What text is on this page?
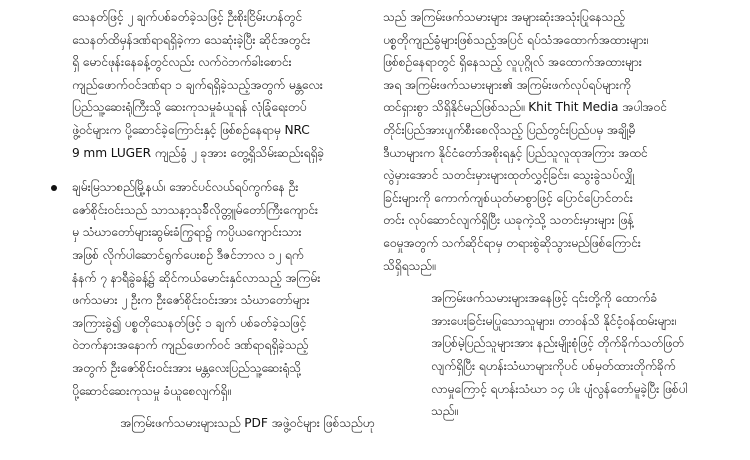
သေနတ်ဖြင့် ၂ ချက်ပစ်ခတ်ခဲ့သဖြင့် ဦးစိုးငြိမ်းဟန်တွင်
သေနတ်ထိမှန်ဒဏ်ရာရရှိခဲ့ကာ သေဆုံးခဲ့ပြီး ဆိုင်အတွင်း
ရှိ မောင်ဖုန်းနေခန့်တွင်လည်း လက်ဝဲဘက်ခါးစောင်း
ကျည်ဖောက်ဝင်ဒဏ်ရာ ၁ ချက်ရရှိခဲ့သည့်အတွက် မန္တလေး
ပြည်သူ့ဆေးရုံကြီးသို့ ဆေးကုသမှုခံယူရန် လုံခြုံရေးတပ်
ဖွဲ့ဝင်များက ပို့ဆောင်ခဲ့ကြောင်းနှင့် ဖြစ်စဉ်နေရာမှ NRC
9 mm LUGER ကျည်ခွံ ၂ ခုအား တွေ့ရှိသိမ်းဆည်းရရှိခဲ့
ချမ်းမြသာစည်မြို့နယ်၊ အောင်ပင်လယ်ရပ်ကွက်နေ ဦး
ဇော်စိုင်းဝင်းသည် သာသနာ့သုခ်ိလိုတ္တူမ်တော်ကြီးကျောင်း
မှ သံဃာတော်များဆွမ်းခံကြွရာ၌ ကပ္ပိယကျောင်းသား
အဖြစ် လိုက်ပါဆောင်ရွက်ပေးစဉ် ဒီဇင်ဘာလ ၁၂ ရက်
နံနက် ၇ နာရီခွဲခန့်၌ ဆိုင်ကယ်မောင်းနှင်လာသည့် အကြမ်း
ဖက်သမား ၂ ဦးက ဦးဇော်စိုင်းဝင်းအား သံဃာတော်များ
အကြားခွဲ၍ ပစ္စတိုသေနတ်ဖြင့် ၁ ချက် ပစ်ခတ်ခဲ့သဖြင့်
ဝဲဘက်နားအနောက် ကျည်ဖောက်ဝင် ဒဏ်ရာရရှိခဲ့သည့်
အတွက် ဦးဇော်စိုင်းဝင်းအား မန္တလေးပြည်သူ့ဆေးရုံသို့
ပို့ဆောင်ဆေးကုသမှု ခံယူစေလျက်ရှိ။
အကြမ်းဖက်သမားများသည် PDF အဖွဲ့ဝင်များ ဖြစ်သည်ဟု
သည် အကြမ်းဖက်သမားများ အများဆုံးအသုံးပြုနေသည့်
ပစ္စတိုကျည်ခွံများဖြစ်သည့်အပြင် ရပ်သံအထောက်အထားများ၊
ဖြစ်စဉ်နေရာတွင် ရှိနေသည့် လူပုဂ္ဂိုလ် အထောက်အထားများ
အရ အကြမ်းဖက်သမားများ၏ အကြမ်းဖက်လုပ်ရပ်များကို
ထင်ရှားစွာ သိရှိနိုင်မည်ဖြစ်သည်။ Khit Thit Media အပါအဝင်
တိုင်းပြည်အားပျက်စီးစေလိုသည့် ပြည်တွင်းပြည်ပမှ အချို့မီ
ဒီယာများက နိုင်ငံတော်အစိုးရနှင့် ပြည်သူလူထုအကြား အထင်
လွဲမှားအောင် သတင်းမှားများထုတ်လွှင့်ခြင်း၊ သွေးခွဲသပ်လျှို
ခြင်းများကို ကောက်ကျစ်ယုတ်မာစွာဖြင့် ပြောင်ပြောင်တင်း
တင်း လုပ်ဆောင်လျက်ရှိပြီး ယခုကဲ့သို့ သတင်းမှားများ ဖြန့်
ဝေမှုအတွက် သက်ဆိုင်ရာမှ တရားစွဲဆိုသွားမည်ဖြစ်ကြောင်း
သိရှိရသည်။
အကြမ်းဖက်သမားများအနေဖြင့် ၎င်းတို့ကို ထောက်ခံ
အားပေးခြင်းမပြုသောသူများ၊ တာဝန်သိ နိုင်ငံ့ဝန်ထမ်းများ၊
အပြစ်မဲ့ပြည်သူများအား နည်းမျိုးစုံဖြင့် တိုက်ခိုက်သတ်ဖြတ်
လျက်ရှိပြီး ရဟန်းသံဃာများကိုပင် ပစ်မှတ်ထားတိုက်ခိုက်
လာမှုကြောင့် ရဟန်းသံဃာ ၁၄ ပါး ပျံလွန်တော်မူခဲ့ပြီး ဖြစ်ပါ
သည်။
